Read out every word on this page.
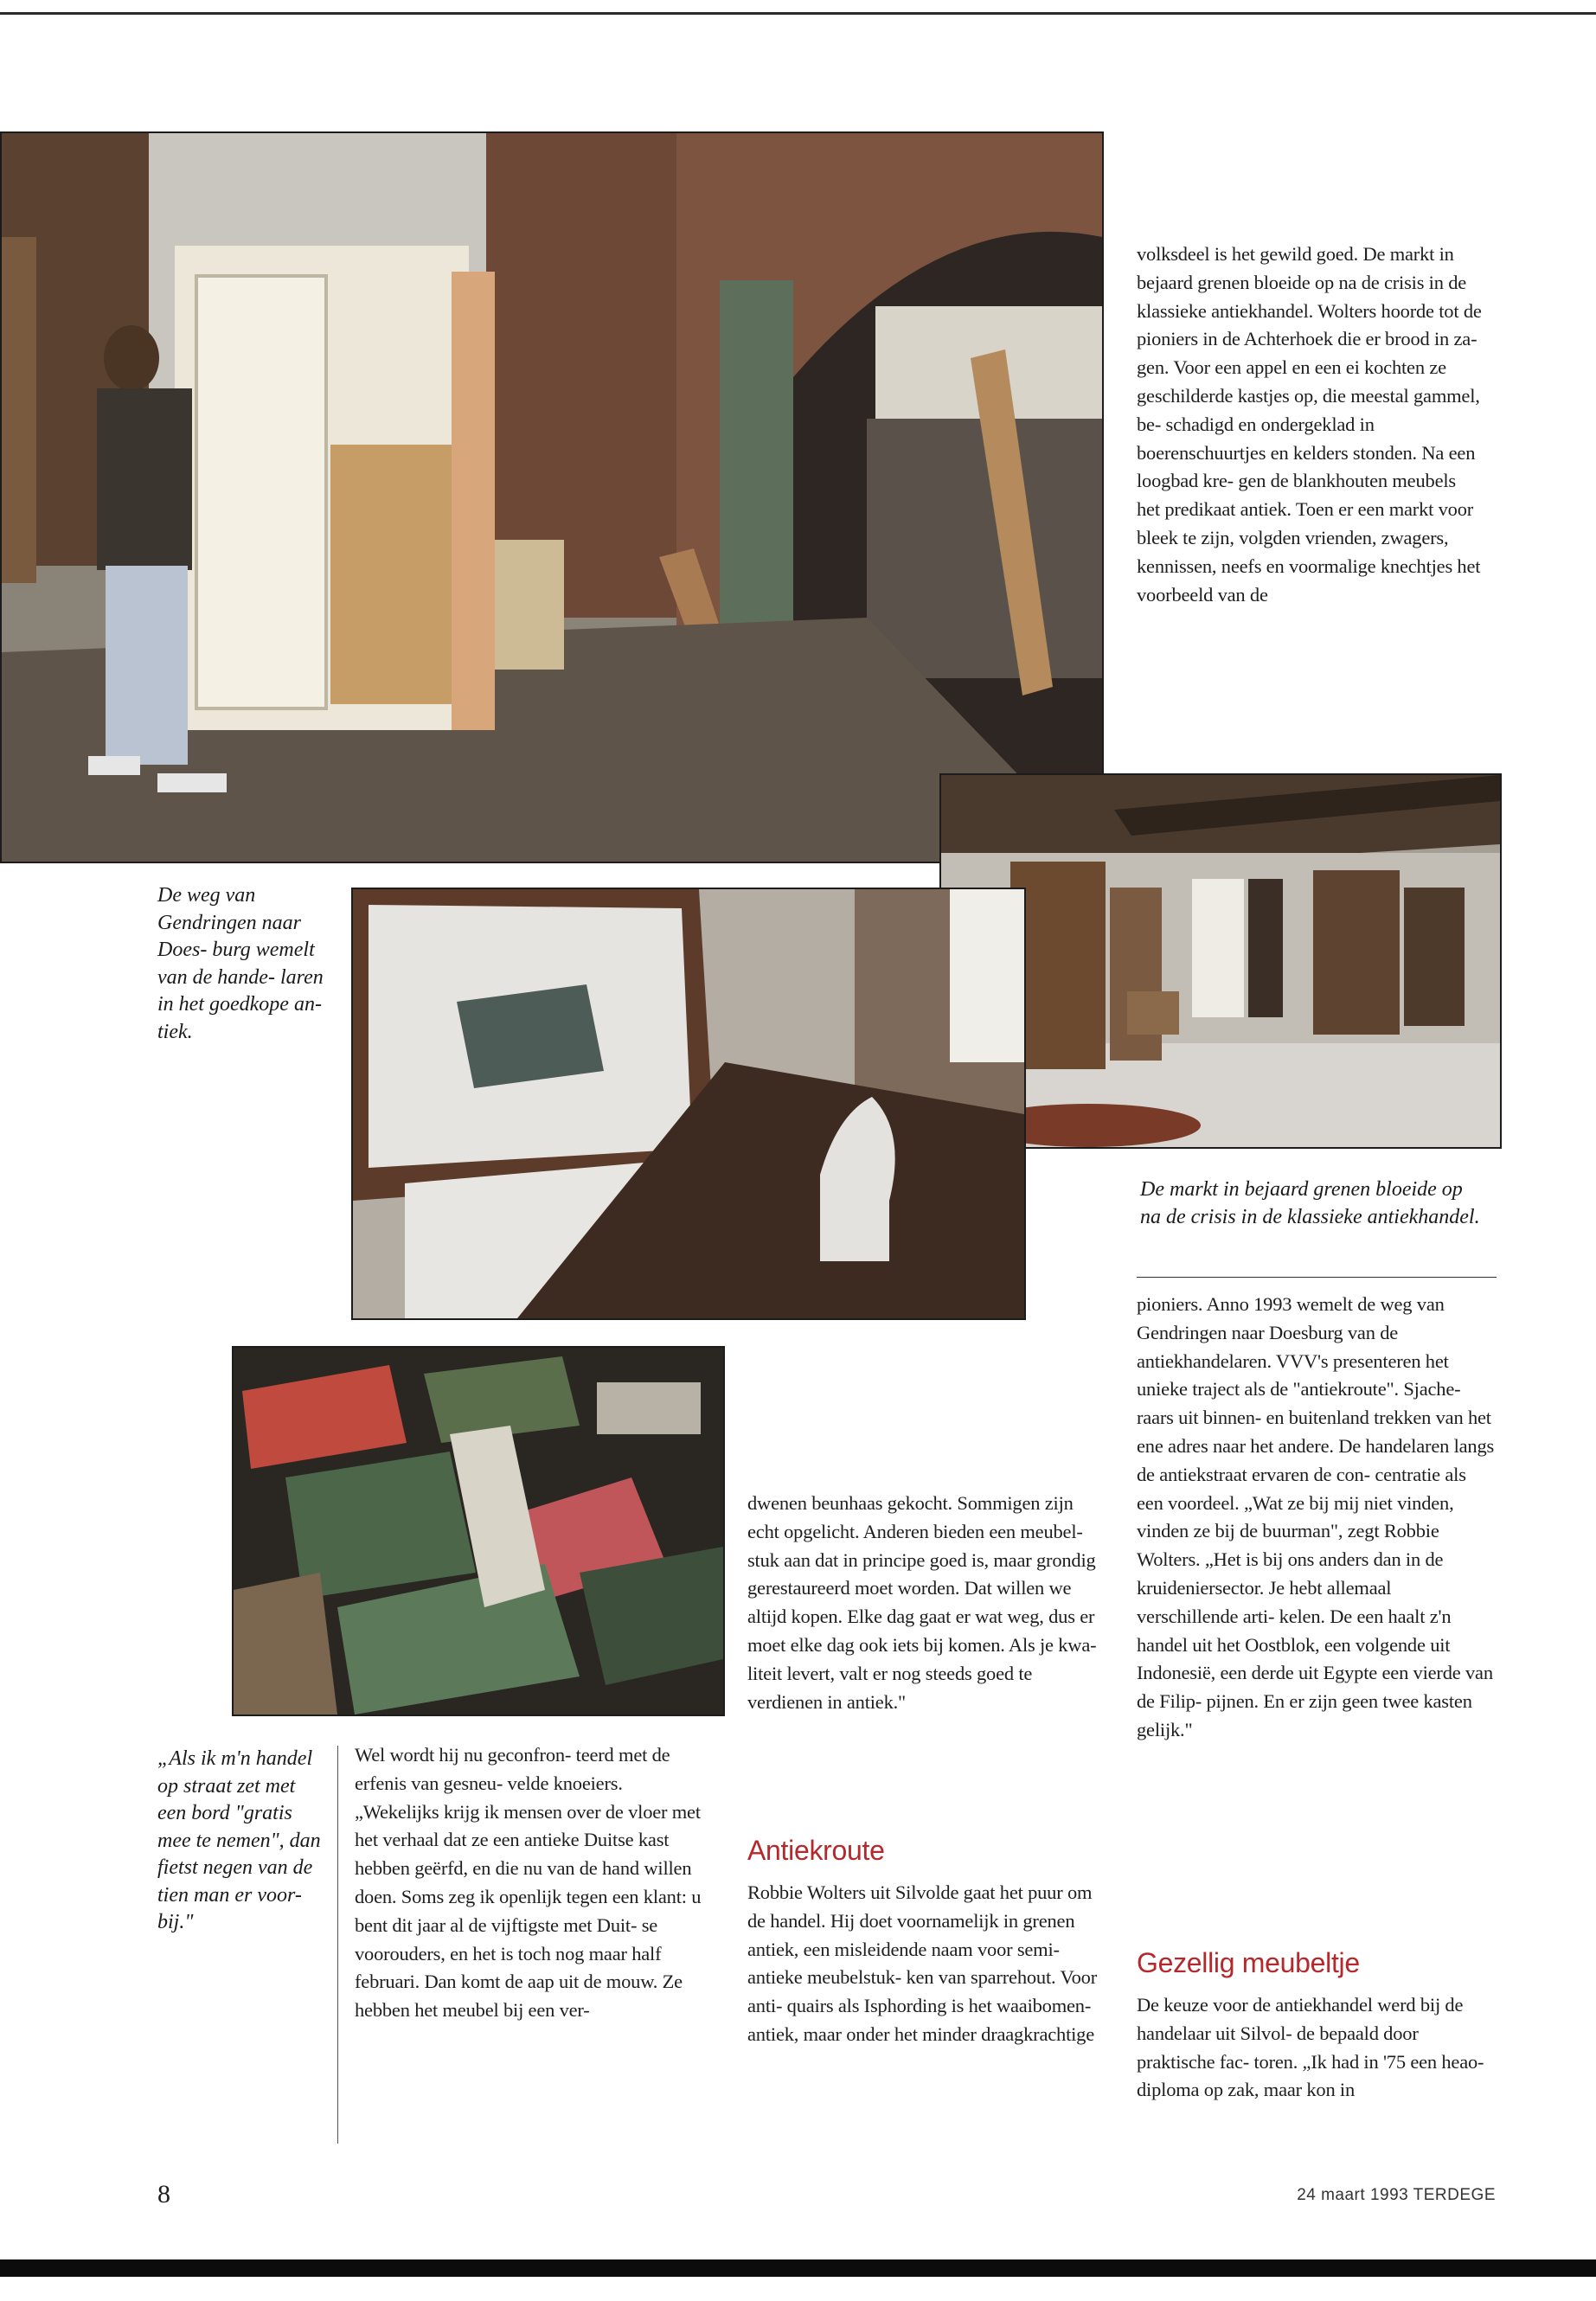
volksdeel is het gewild goed. De markt in bejaard grenen bloeide op na de crisis in de klassieke antiekhandel. Wolters hoorde tot de pioniers in de Achterhoek die er brood in za- gen. Voor een appel en een ei kochten ze geschilderde kastjes op, die meestal gammel, be- schadigd en ondergeklad in boerenschuurtjes en kelders stonden. Na een loogbad kre- gen de blankhouten meubels het predikaat antiek. Toen er een markt voor bleek te zijn, volgden vrienden, zwagers, kennissen, neefs en voormalige knechtjes het voorbeeld van de

De weg van Gendringen naar Does- burg wemelt van de hande- laren in het goedkope an- tiek.
De markt in bejaard grenen bloeide op na de crisis in de klassieke antiekhandel.

dwenen beunhaas gekocht. Sommigen zijn echt opgelicht. Anderen bieden een meubel- stuk aan dat in principe goed is, maar grondig gerestaureerd moet worden. Dat willen we altijd kopen. Elke dag gaat er wat weg, dus er moet elke dag ook iets bij komen. Als je kwa- liteit levert, valt er nog steeds goed te verdienen in antiek."

pioniers. Anno 1993 wemelt de weg van Gendringen naar Doesburg van de antiekhandelaren. VVV's presenteren het unieke traject als de "antiekroute". Sjache- raars uit binnen- en buitenland trekken van het ene adres naar het andere. De handelaren langs de antiekstraat ervaren de con- centratie als een voordeel. „Wat ze bij mij niet vinden, vinden ze bij de buurman", zegt Robbie Wolters. „Het is bij ons anders dan in de kruideniersector. Je hebt allemaal verschillende arti- kelen. De een haalt z'n handel uit het Oostblok, een volgende uit Indonesië, een derde uit Egypte een vierde van de Filip- pijnen. En er zijn geen twee kasten gelijk."

„Als ik m'n handel op straat zet met een bord "gratis mee te nemen", dan fietst negen van de tien man er voor- bij."

Wel wordt hij nu geconfron- teerd met de erfenis van gesneu- velde knoeiers.

„Wekelijks krijg ik mensen over de vloer met het verhaal dat ze een antieke Duitse kast hebben geërfd, en die nu van de hand willen doen. Soms zeg ik openlijk tegen een klant: u bent dit jaar al de vijftigste met Duit- se voorouders, en het is toch nog maar half februari. Dan komt de aap uit de mouw. Ze hebben het meubel bij een ver-

Antiekroute

Robbie Wolters uit Silvolde gaat het puur om de handel. Hij doet voornamelijk in grenen antiek, een misleidende naam voor semi-antieke meubelstuk- ken van sparrehout. Voor anti- quairs als Isphording is het waaibomen-antiek, maar onder het minder draagkrachtige

Gezellig meubeltje

De keuze voor de antiekhandel werd bij de handelaar uit Silvol- de bepaald door praktische fac- toren. „Ik had in '75 een heao- diploma op zak, maar kon in

8	24 maart 1993 TERDEGE
